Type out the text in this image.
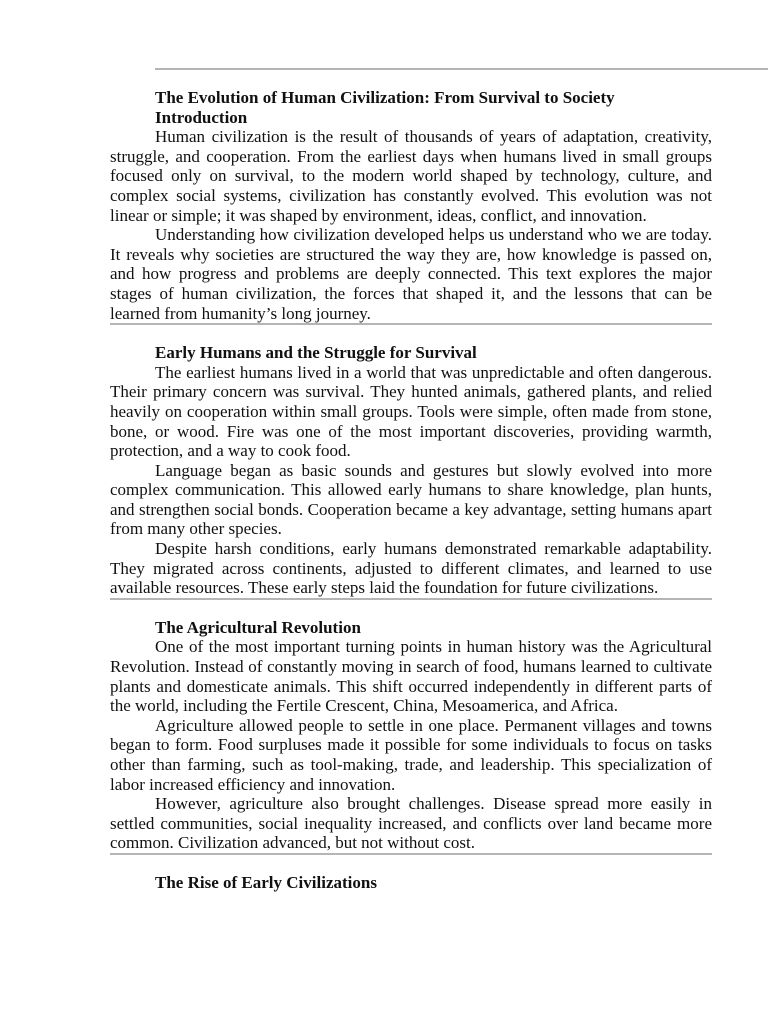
The Evolution of Human Civilization: From Survival to Society

Introduction

Human civilization is the result of thousands of years of adaptation, creativity, struggle, and cooperation. From the earliest days when humans lived in small groups focused only on survival, to the modern world shaped by technology, culture, and complex social systems, civilization has constantly evolved. This evolution was not linear or simple; it was shaped by environment, ideas, conflict, and innovation.

Understanding how civilization developed helps us understand who we are today. It reveals why societies are structured the way they are, how knowledge is passed on, and how progress and problems are deeply connected. This text explores the major stages of human civilization, the forces that shaped it, and the lessons that can be learned from humanity’s long journey.

Early Humans and the Struggle for Survival

The earliest humans lived in a world that was unpredictable and often dangerous. Their primary concern was survival. They hunted animals, gathered plants, and relied heavily on cooperation within small groups. Tools were simple, often made from stone, bone, or wood. Fire was one of the most important discoveries, providing warmth, protection, and a way to cook food.

Language began as basic sounds and gestures but slowly evolved into more complex communication. This allowed early humans to share knowledge, plan hunts, and strengthen social bonds. Cooperation became a key advantage, setting humans apart from many other species.

Despite harsh conditions, early humans demonstrated remarkable adaptability. They migrated across continents, adjusted to different climates, and learned to use available resources. These early steps laid the foundation for future civilizations.

The Agricultural Revolution

One of the most important turning points in human history was the Agricultural Revolution. Instead of constantly moving in search of food, humans learned to cultivate plants and domesticate animals. This shift occurred independently in different parts of the world, including the Fertile Crescent, China, Mesoamerica, and Africa.

Agriculture allowed people to settle in one place. Permanent villages and towns began to form. Food surpluses made it possible for some individuals to focus on tasks other than farming, such as tool-making, trade, and leadership. This specialization of labor increased efficiency and innovation.

However, agriculture also brought challenges. Disease spread more easily in settled communities, social inequality increased, and conflicts over land became more common. Civilization advanced, but not without cost.

The Rise of Early Civilizations
